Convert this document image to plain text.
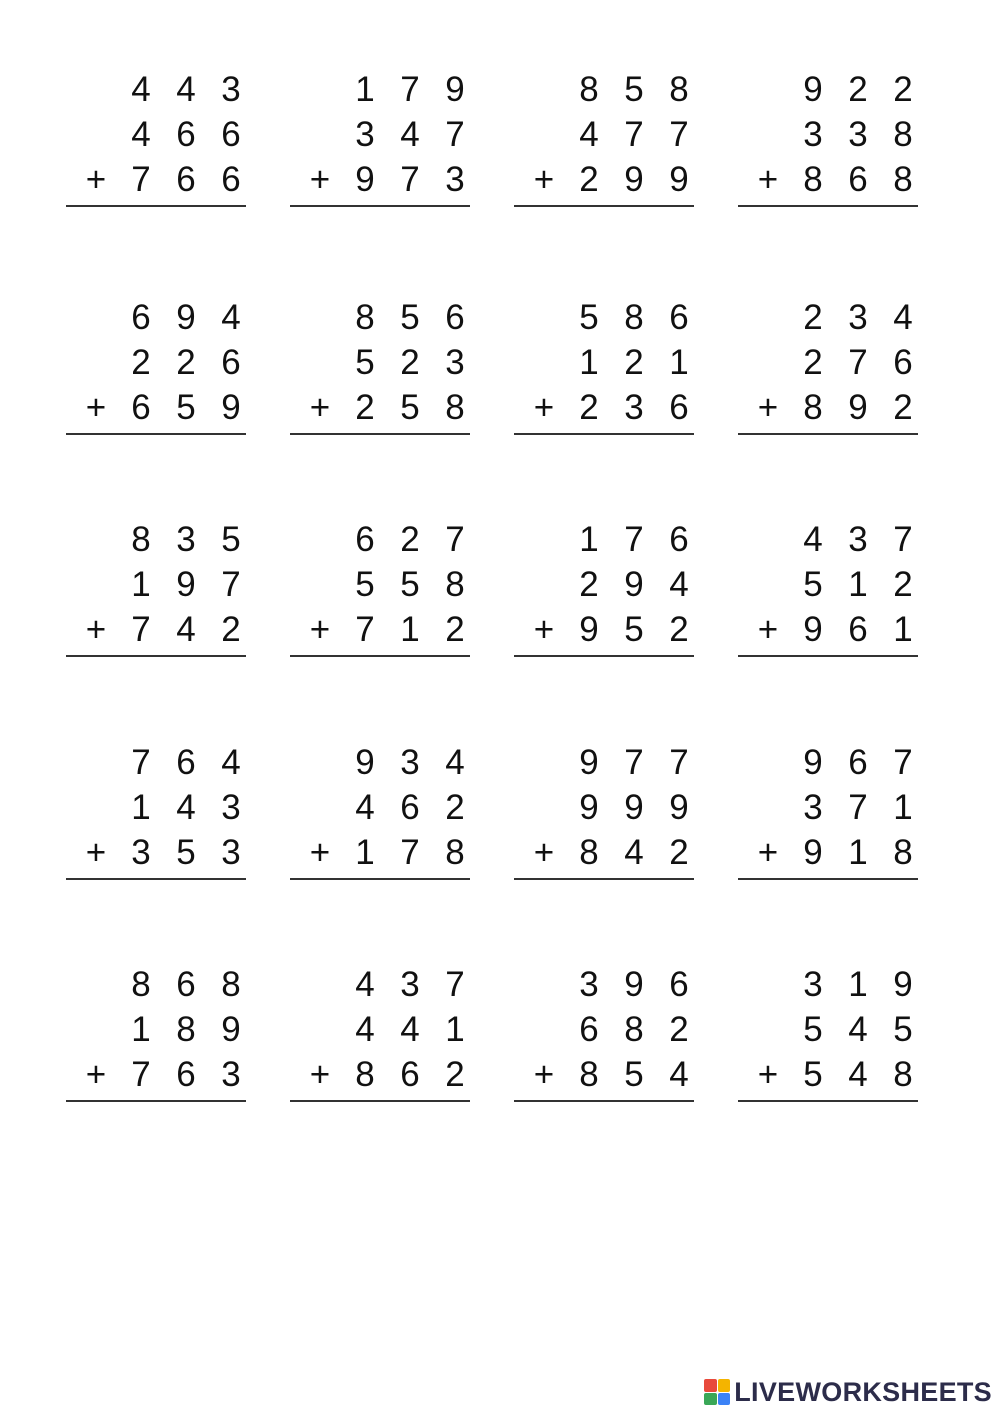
4 4 3
4 6 6
+ 7 6 6
1 7 9
3 4 7
+ 9 7 3
8 5 8
4 7 7
+ 2 9 9
9 2 2
3 3 8
+ 8 6 8
6 9 4
2 2 6
+ 6 5 9
8 5 6
5 2 3
+ 2 5 8
5 8 6
1 2 1
+ 2 3 6
2 3 4
2 7 6
+ 8 9 2
8 3 5
1 9 7
+ 7 4 2
6 2 7
5 5 8
+ 7 1 2
1 7 6
2 9 4
+ 9 5 2
4 3 7
5 1 2
+ 9 6 1
7 6 4
1 4 3
+ 3 5 3
9 3 4
4 6 2
+ 1 7 8
9 7 7
9 9 9
+ 8 4 2
9 6 7
3 7 1
+ 9 1 8
8 6 8
1 8 9
+ 7 6 3
4 3 7
4 4 1
+ 8 6 2
3 9 6
6 8 2
+ 8 5 4
3 1 9
5 4 5
+ 5 4 8
LIVEWORKSHEETS
